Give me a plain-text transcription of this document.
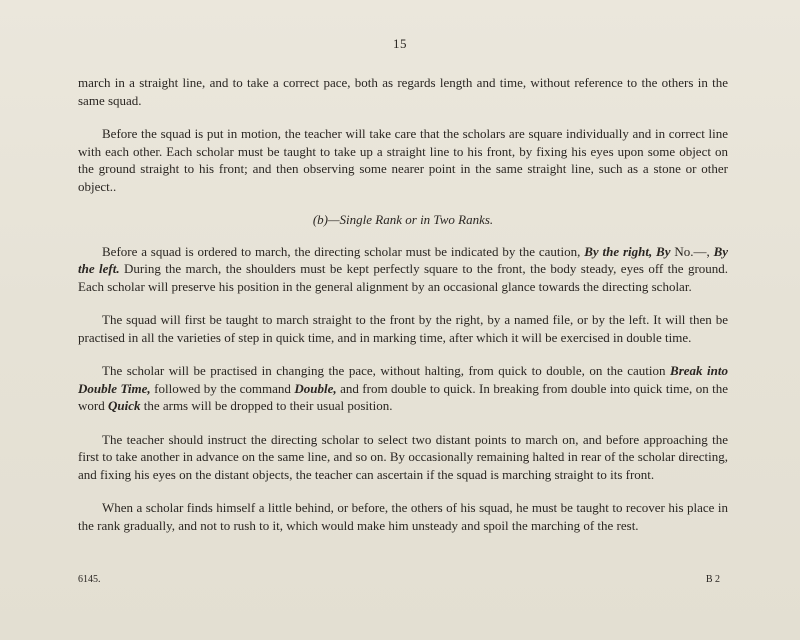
15

march in a straight line, and to take a correct pace, both as regards length and time, without reference to the others in the same squad.

Before the squad is put in motion, the teacher will take care that the scholars are square individually and in correct line with each other. Each scholar must be taught to take up a straight line to his front, by fixing his eyes upon some object on the ground straight to his front; and then observing some nearer point in the same straight line, such as a stone or other object..

(b)—Single Rank or in Two Ranks.

Before a squad is ordered to march, the directing scholar must be indicated by the caution, By the right, By No.—, By the left. During the march, the shoulders must be kept perfectly square to the front, the body steady, eyes off the ground. Each scholar will preserve his position in the general alignment by an occasional glance towards the directing scholar.

The squad will first be taught to march straight to the front by the right, by a named file, or by the left. It will then be practised in all the varieties of step in quick time, and in marking time, after which it will be exercised in double time.

The scholar will be practised in changing the pace, without halting, from quick to double, on the caution Break into Double Time, followed by the command Double, and from double to quick. In breaking from double into quick time, on the word Quick the arms will be dropped to their usual position.

The teacher should instruct the directing scholar to select two distant points to march on, and before approaching the first to take another in advance on the same line, and so on. By occasionally remaining halted in rear of the scholar directing, and fixing his eyes on the distant objects, the teacher can ascertain if the squad is marching straight to its front.

When a scholar finds himself a little behind, or before, the others of his squad, he must be taught to recover his place in the rank gradually, and not to rush to it, which would make him unsteady and spoil the marching of the rest.

6145.	B 2
